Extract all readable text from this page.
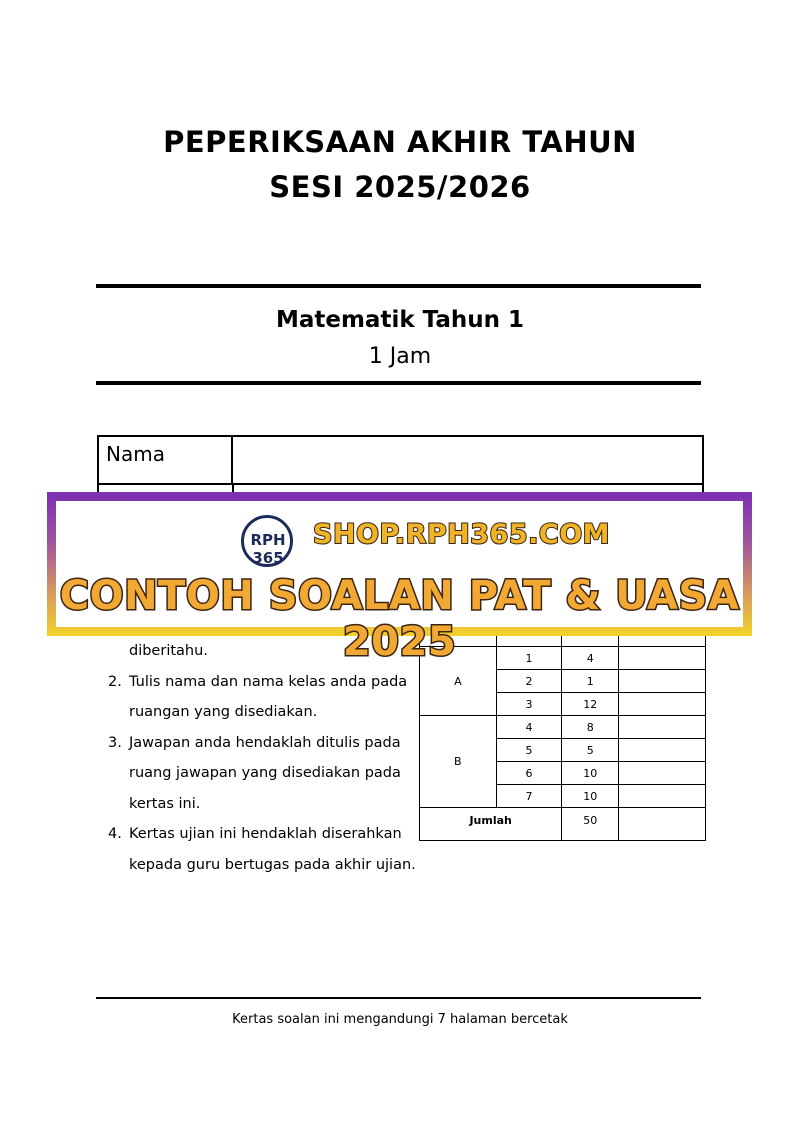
PEPERIKSAAN AKHIR TAHUN
SESI 2025/2026
Matematik Tahun 1
1 Jam
Nama

A	1	4	
	2	1	
	3	12	
B	4	8	
	5	5	
	6	10	
	7	10	
Jumlah		50	
diberitahu.
2. Tulis nama dan nama kelas anda pada
ruangan yang disediakan.
3. Jawapan anda hendaklah ditulis pada
ruang jawapan yang disediakan pada
kertas ini.
4. Kertas ujian ini hendaklah diserahkan
kepada guru bertugas pada akhir ujian.
RPH 365
SHOP.RPH365.COM
CONTOH SOALAN PAT & UASA 2025
Kertas soalan ini mengandungi 7 halaman bercetak
